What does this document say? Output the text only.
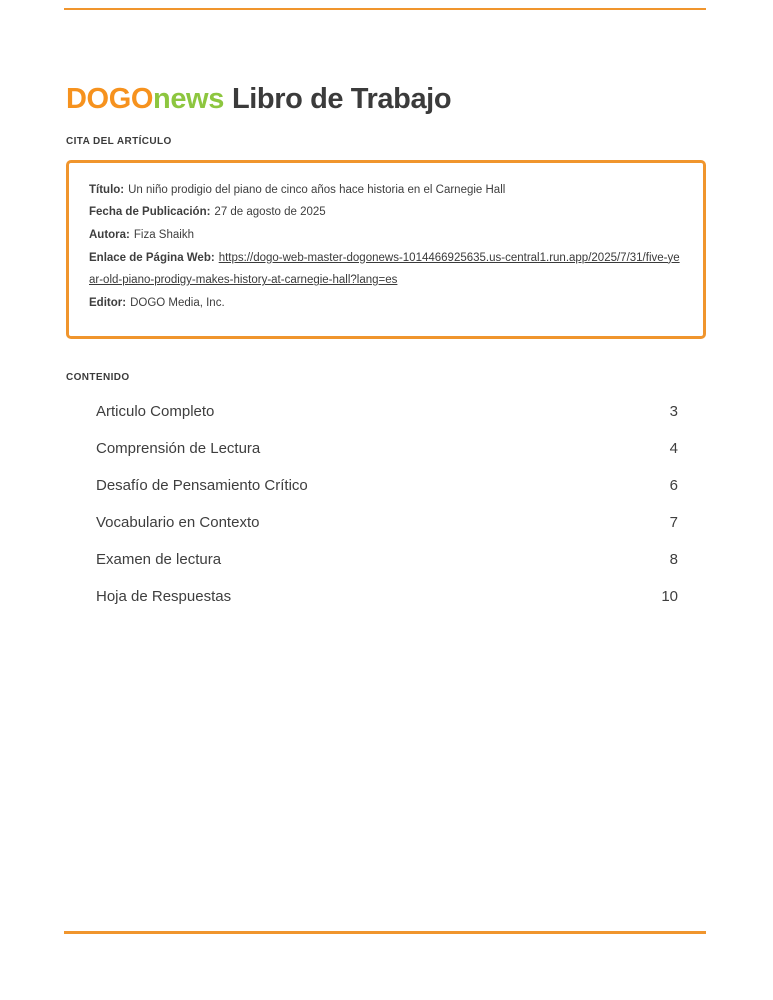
DOGOnews Libro de Trabajo
CITA DEL ARTÍCULO
Título: Un niño prodigio del piano de cinco años hace historia en el Carnegie Hall
Fecha de Publicación: 27 de agosto de 2025
Autora: Fiza Shaikh
Enlace de Página Web: https://dogo-web-master-dogonews-1014466925635.us-central1.run.app/2025/7/31/five-year-old-piano-prodigy-makes-history-at-carnegie-hall?lang=es
Editor: DOGO Media, Inc.
CONTENIDO
Articulo Completo	3
Comprensión de Lectura	4
Desafío de Pensamiento Crítico	6
Vocabulario en Contexto	7
Examen de lectura	8
Hoja de Respuestas	10
